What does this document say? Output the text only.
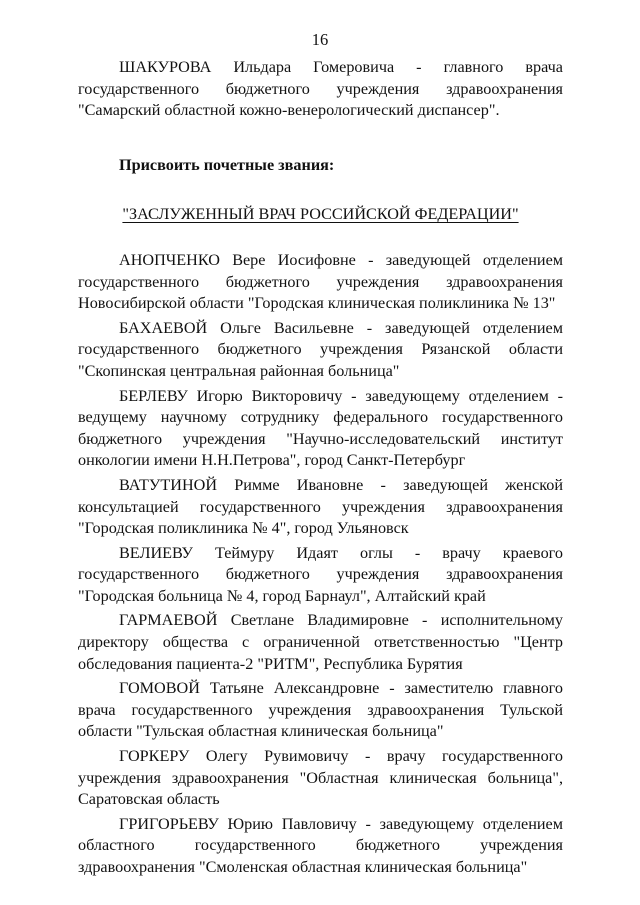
16

ШАКУРОВА Ильдара Гомеровича - главного врача государственного бюджетного учреждения здравоохранения "Самарский областной кожно-венерологический диспансер".

Присвоить почетные звания:

"ЗАСЛУЖЕННЫЙ ВРАЧ РОССИЙСКОЙ ФЕДЕРАЦИИ"

АНОПЧЕНКО Вере Иосифовне - заведующей отделением государственного бюджетного учреждения здравоохранения Новосибирской области "Городская клиническая поликлиника № 13"

БАХАЕВОЙ Ольге Васильевне - заведующей отделением государственного бюджетного учреждения Рязанской области "Скопинская центральная районная больница"

БЕРЛЕВУ Игорю Викторовичу - заведующему отделением - ведущему научному сотруднику федерального государственного бюджетного учреждения "Научно-исследовательский институт онкологии имени Н.Н.Петрова", город Санкт-Петербург

ВАТУТИНОЙ Римме Ивановне - заведующей женской консультацией государственного учреждения здравоохранения "Городская поликлиника № 4", город Ульяновск

ВЕЛИЕВУ Теймуру Идаят оглы - врачу краевого государственного бюджетного учреждения здравоохранения "Городская больница № 4, город Барнаул", Алтайский край

ГАРМАЕВОЙ Светлане Владимировне - исполнительному директору общества с ограниченной ответственностью "Центр обследования пациента-2 "РИТМ", Республика Бурятия

ГОМОВОЙ Татьяне Александровне - заместителю главного врача государственного учреждения здравоохранения Тульской области "Тульская областная клиническая больница"

ГОРКЕРУ Олегу Рувимовичу - врачу государственного учреждения здравоохранения "Областная клиническая больница", Саратовская область

ГРИГОРЬЕВУ Юрию Павловичу - заведующему отделением областного государственного бюджетного учреждения здравоохранения "Смоленская областная клиническая больница"
